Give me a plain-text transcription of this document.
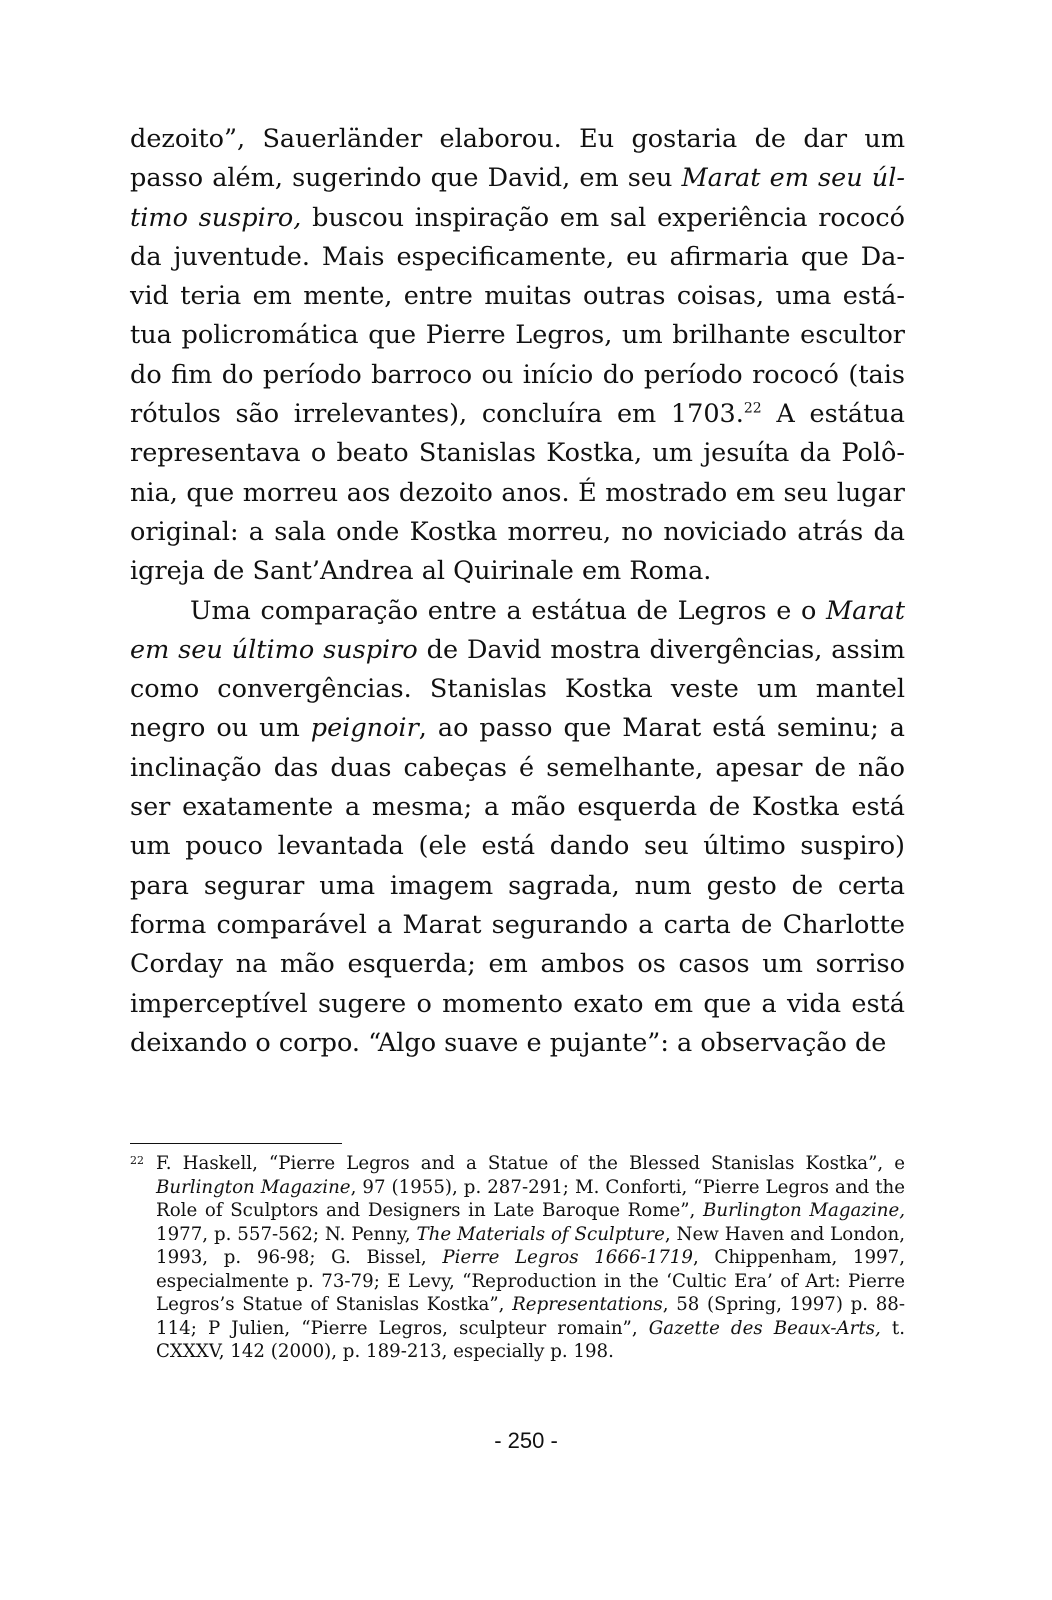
dezoito”, Sauerländer elaborou. Eu gostaria de dar um passo além, sugerindo que David, em seu Marat em seu último suspiro, buscou inspiração em sal experiência rococó da juventude. Mais especificamente, eu afirmaria que David teria em mente, entre muitas outras coisas, uma estátua policromática que Pierre Legros, um brilhante escultor do fim do período barroco ou início do período rococó (tais rótulos são irrelevantes), concluíra em 1703.22 A estátua representava o beato Stanislas Kostka, um jesuíta da Polônia, que morreu aos dezoito anos. É mostrado em seu lugar original: a sala onde Kostka morreu, no noviciado atrás da igreja de Sant’Andrea al Quirinale em Roma.

Uma comparação entre a estátua de Legros e o Marat em seu último suspiro de David mostra divergências, assim como convergências. Stanislas Kostka veste um mantel negro ou um peignoir, ao passo que Marat está seminu; a inclinação das duas cabeças é semelhante, apesar de não ser exatamente a mesma; a mão esquerda de Kostka está um pouco levantada (ele está dando seu último suspiro) para segurar uma imagem sagrada, num gesto de certa forma comparável a Marat segurando a carta de Charlotte Corday na mão esquerda; em ambos os casos um sorriso imperceptível sugere o momento exato em que a vida está deixando o corpo. “Algo suave e pujante”: a observação de

22 F. Haskell, “Pierre Legros and a Statue of the Blessed Stanislas Kostka”, e Burlington Magazine, 97 (1955), p. 287-291; M. Conforti, “Pierre Legros and the Role of Sculptors and Designers in Late Baroque Rome”, Burlington Magazine, 1977, p. 557-562; N. Penny, The Materials of Sculpture, New Haven and London, 1993, p. 96-98; G. Bissel, Pierre Legros 1666-1719, Chippenham, 1997, especialmente p. 73-79; E Levy, “Reproduction in the ‘Cultic Era’ of Art: Pierre Legros’s Statue of Stanislas Kostka”, Representations, 58 (Spring, 1997) p. 88-114; P Julien, “Pierre Legros, sculpteur romain”, Gazette des Beaux-Arts, t. CXXXV, 142 (2000), p. 189-213, especially p. 198.

- 250 -
